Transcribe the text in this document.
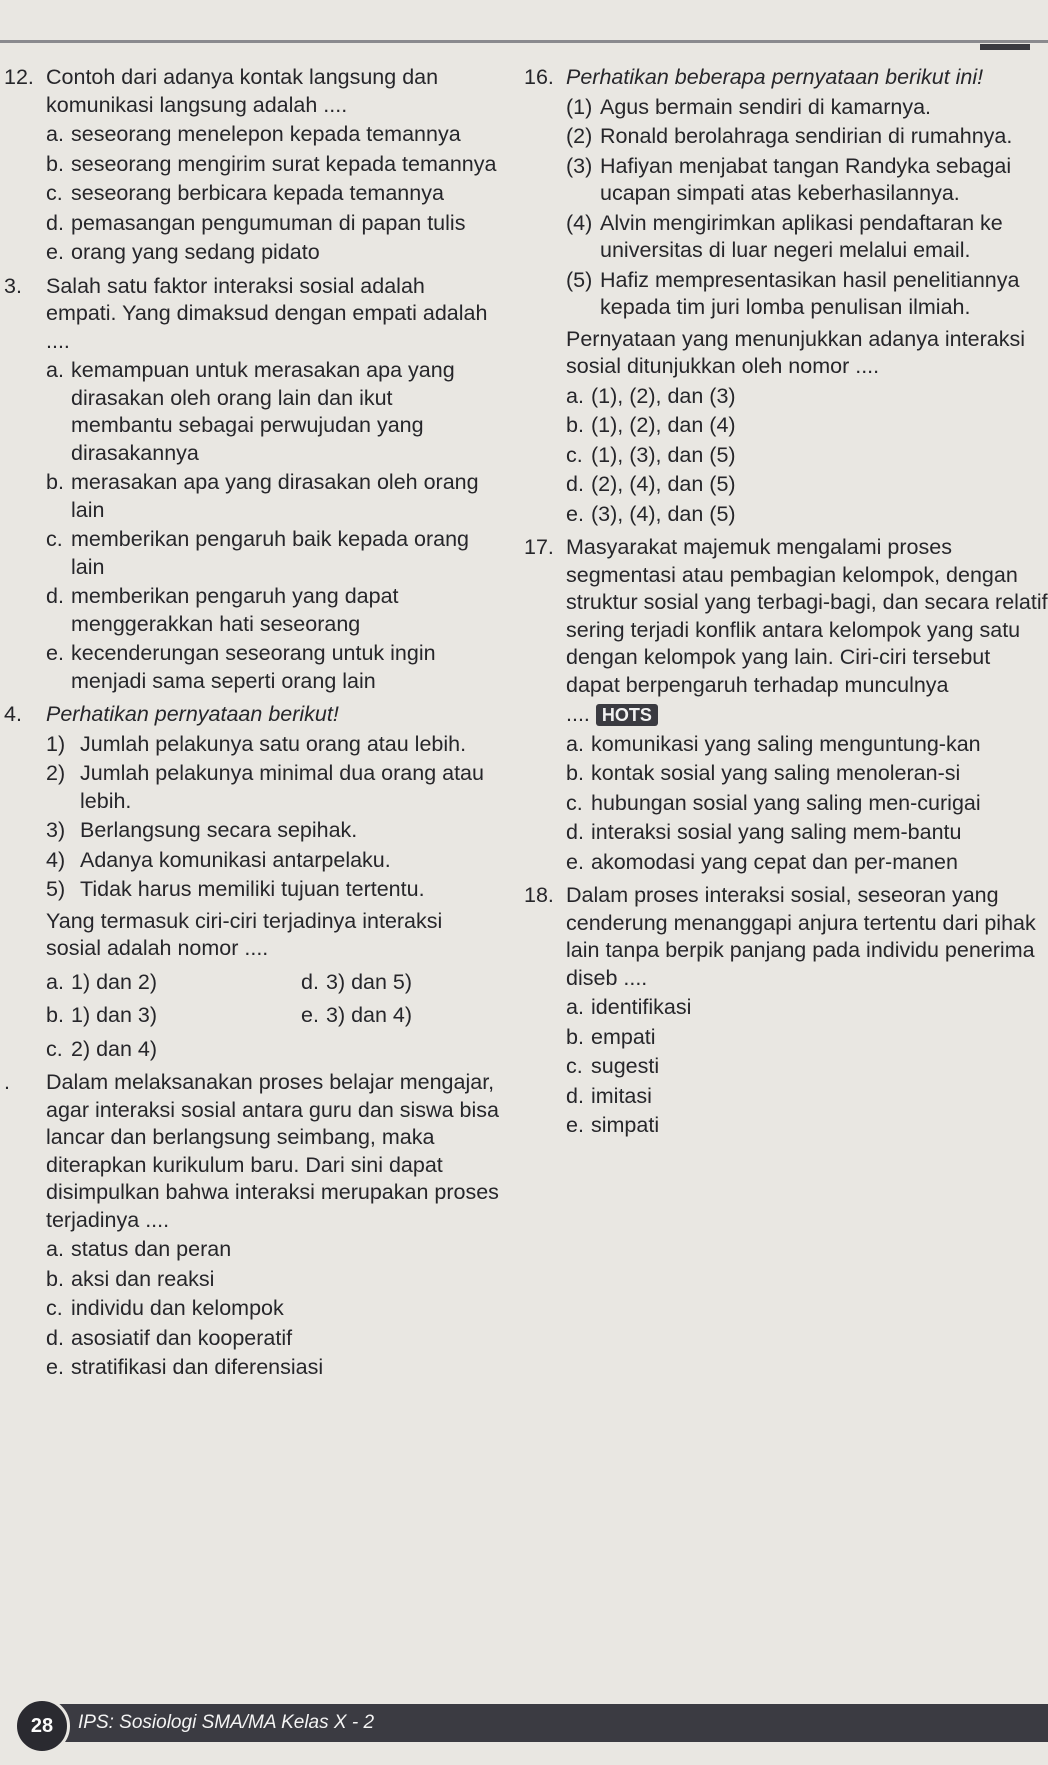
12. Contoh dari adanya kontak langsung dan komunikasi langsung adalah ....
a. seseorang menelepon kepada temannya
b. seseorang mengirim surat kepada temannya
c. seseorang berbicara kepada temannya
d. pemasangan pengumuman di papan tulis
e. orang yang sedang pidato
3.	Salah satu faktor interaksi sosial adalah empati. Yang dimaksud dengan empati adalah ....
a. kemampuan untuk merasakan apa yang dirasakan oleh orang lain dan ikut membantu sebagai perwujudan yang dirasakannya
b. merasakan apa yang dirasakan oleh orang lain
c. memberikan pengaruh baik kepada orang lain
d. memberikan pengaruh yang dapat menggerakkan hati seseorang
e. kecenderungan seseorang untuk ingin menjadi sama seperti orang lain
4.	Perhatikan pernyataan berikut!
1) Jumlah pelakunya satu orang atau lebih.
2) Jumlah pelakunya minimal dua orang atau lebih.
3) Berlangsung secara sepihak.
4) Adanya komunikasi antarpelaku.
5) Tidak harus memiliki tujuan tertentu.
Yang termasuk ciri-ciri terjadinya interaksi sosial adalah nomor ....
a. 1) dan 2)	d. 3) dan 5)
b. 1) dan 3)	e. 3) dan 4)
c. 2) dan 4)
.	Dalam melaksanakan proses belajar mengajar, agar interaksi sosial antara guru dan siswa bisa lancar dan berlangsung seimbang, maka diterapkan kurikulum baru. Dari sini dapat disimpulkan bahwa interaksi merupakan proses terjadinya ....
a. status dan peran
b. aksi dan reaksi
c. individu dan kelompok
d. asosiatif dan kooperatif
e. stratifikasi dan diferensiasi
16. Perhatikan beberapa pernyataan berikut ini!
(1) Agus bermain sendiri di kamarnya.
(2) Ronald berolahraga sendirian di rumahnya.
(3) Hafiyan menjabat tangan Randyka sebagai ucapan simpati atas keberhasilannya.
(4) Alvin mengirimkan aplikasi pendaftaran ke universitas di luar negeri melalui email.
(5) Hafiz mempresentasikan hasil penelitiannya kepada tim juri lomba penulisan ilmiah.
Pernyataan yang menunjukkan adanya interaksi sosial ditunjukkan oleh nomor ....
a. (1), (2), dan (3)
b. (1), (2), dan (4)
c. (1), (3), dan (5)
d. (2), (4), dan (5)
e. (3), (4), dan (5)
17. Masyarakat majemuk mengalami proses segmentasi atau pembagian kelompok, dengan struktur sosial yang terbagi-bagi, dan secara relatif sering terjadi konflik antara kelompok yang satu dengan kelompok yang lain. Ciri-ciri tersebut dapat berpengaruh terhadap munculnya
.... HOTS
a. komunikasi yang saling menguntung-kan
b. kontak sosial yang saling menoleran-si
c. hubungan sosial yang saling men-curigai
d. interaksi sosial yang saling mem-bantu
e. akomodasi yang cepat dan per-manen
18. Dalam proses interaksi sosial, seseoran yang cenderung menanggapi anjura tertentu dari pihak lain tanpa berpik panjang pada individu penerima diseb ....
a. identifikasi
b. empati
c. sugesti
d. imitasi
e. simpati
28	IPS: Sosiologi SMA/MA Kelas X - 2
